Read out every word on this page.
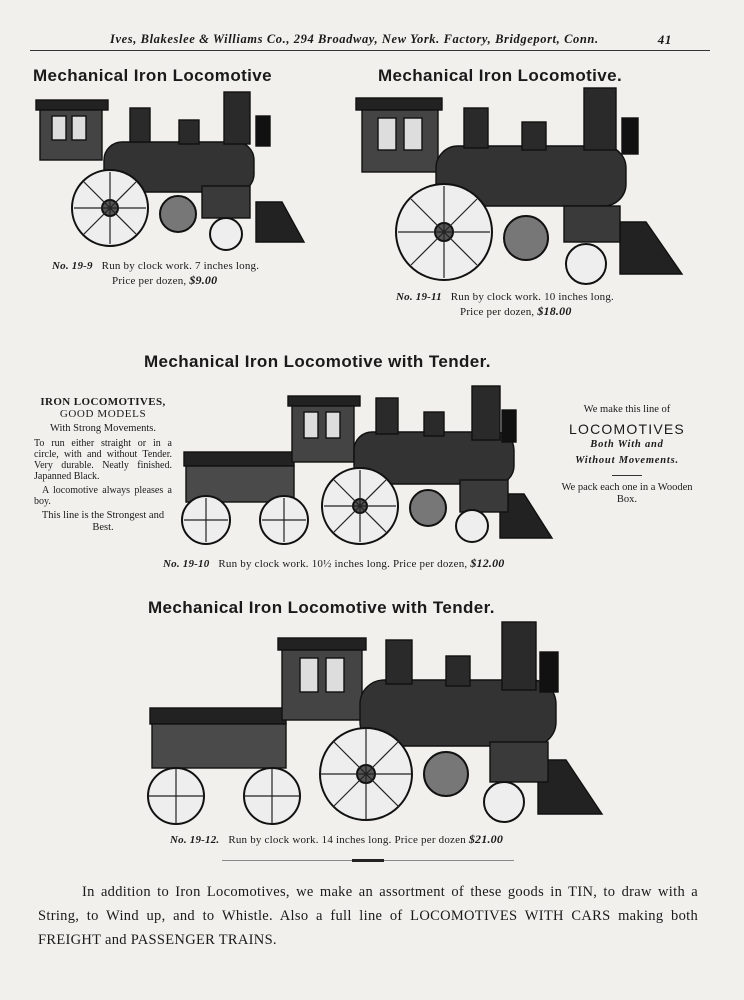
Ives, Blakeslee & Williams Co., 294 Broadway, New York. Factory, Bridgeport, Conn.	41
Mechanical Iron Locomotive
No. 19-9 Run by clock work. 7 inches long.
Price per dozen, $9.00
Mechanical Iron Locomotive.
No. 19-11 Run by clock work. 10 inches long.
Price per dozen, $18.00
Mechanical Iron Locomotive with Tender.
No. 19-10 Run by clock work. 10½ inches long. Price per dozen, $12.00
IRON LOCOMOTIVES,
GOOD MODELS
With Strong Movements.
To run either straight or in a circle, with and without Tender. Very durable. Neatly finished. Japanned Black.
A locomotive always pleases a boy.
This line is the Strongest and Best.
We make this line of
LOCOMOTIVES
Both With and
Without Movements.
We pack each one in a Wooden Box.
Mechanical Iron Locomotive with Tender.
No. 19-12. Run by clock work. 14 inches long. Price per dozen $21.00
In addition to Iron Locomotives, we make an assortment of these goods in TIN, to draw with a String, to Wind up, and to Whistle. Also a full line of LOCOMOTIVES WITH CARS making both FREIGHT and PASSENGER TRAINS.
